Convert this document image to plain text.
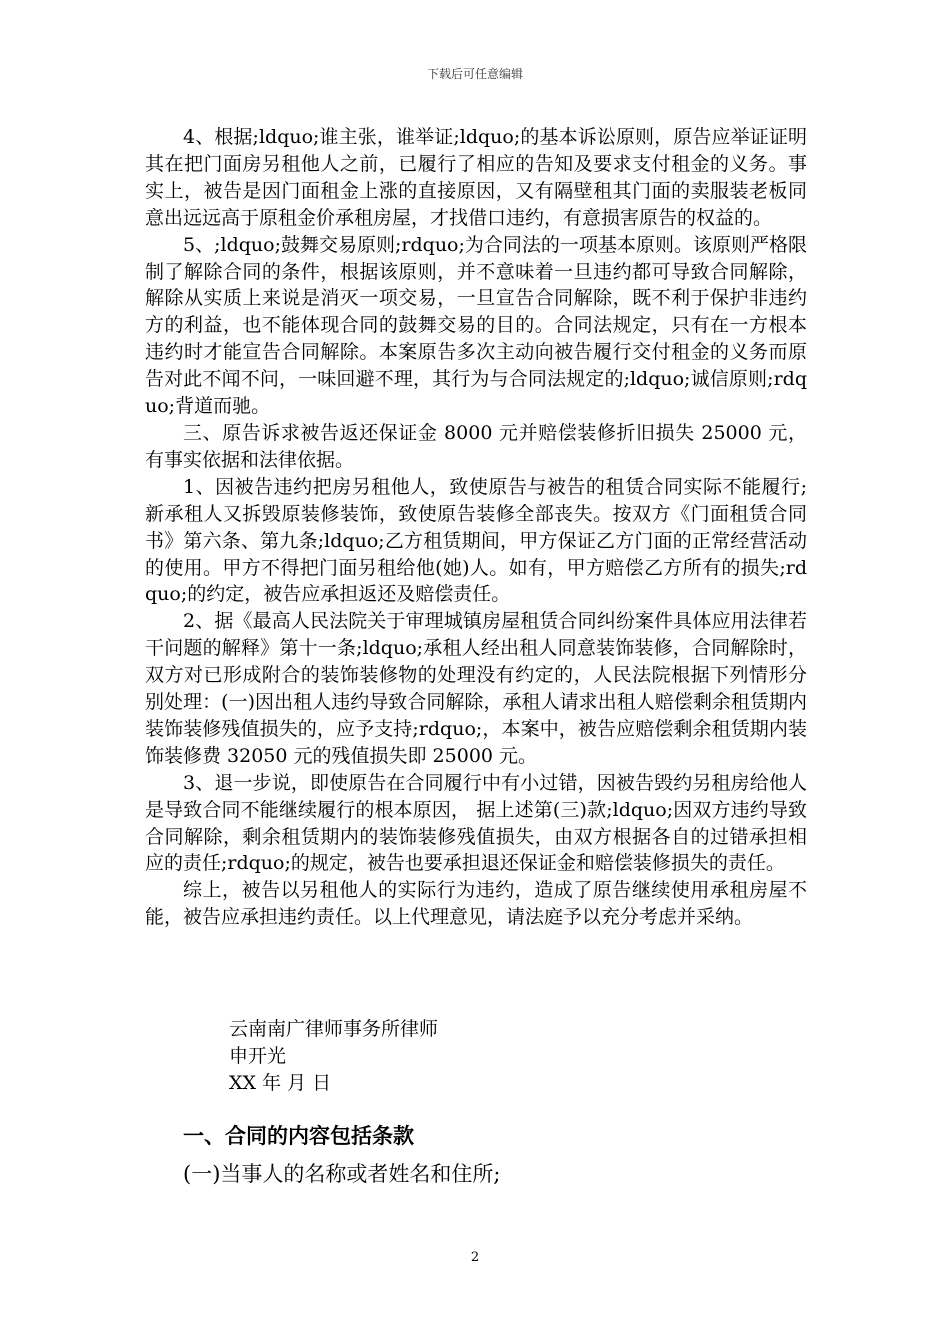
下载后可任意编辑

4、根据;ldquo;谁主张，谁举证;ldquo;的基本诉讼原则，原告应举证证明其在把门面房另租他人之前，已履行了相应的告知及要求支付租金的义务。事实上，被告是因门面租金上涨的直接原因，又有隔壁租其门面的卖服装老板同意出远远高于原租金价承租房屋，才找借口违约，有意损害原告的权益的。

5、;ldquo;鼓舞交易原则;rdquo;为合同法的一项基本原则。该原则严格限制了解除合同的条件，根据该原则，并不意味着一旦违约都可导致合同解除，解除从实质上来说是消灭一项交易，一旦宣告合同解除，既不利于保护非违约方的利益，也不能体现合同的鼓舞交易的目的。合同法规定，只有在一方根本违约时才能宣告合同解除。本案原告多次主动向被告履行交付租金的义务而原告对此不闻不问，一味回避不理，其行为与合同法规定的;ldquo;诚信原则;rdquo;背道而驰。

三、原告诉求被告返还保证金 8000 元并赔偿装修折旧损失 25000 元，有事实依据和法律依据。

1、因被告违约把房另租他人，致使原告与被告的租赁合同实际不能履行;新承租人又拆毁原装修装饰，致使原告装修全部丧失。按双方《门面租赁合同书》第六条、第九条;ldquo;乙方租赁期间，甲方保证乙方门面的正常经营活动的使用。甲方不得把门面另租给他(她)人。如有，甲方赔偿乙方所有的损失;rdquo;的约定，被告应承担返还及赔偿责任。

2、据《最高人民法院关于审理城镇房屋租赁合同纠纷案件具体应用法律若干问题的解释》第十一条;ldquo;承租人经出租人同意装饰装修，合同解除时，双方对已形成附合的装饰装修物的处理没有约定的，人民法院根据下列情形分别处理：(一)因出租人违约导致合同解除，承租人请求出租人赔偿剩余租赁期内装饰装修残值损失的，应予支持;rdquo;，本案中，被告应赔偿剩余租赁期内装饰装修费 32050 元的残值损失即 25000 元。

3、退一步说，即使原告在合同履行中有小过错，因被告毁约另租房给他人是导致合同不能继续履行的根本原因， 据上述第(三)款;ldquo;因双方违约导致合同解除，剩余租赁期内的装饰装修残值损失，由双方根据各自的过错承担相应的责任;rdquo;的规定，被告也要承担退还保证金和赔偿装修损失的责任。

综上，被告以另租他人的实际行为违约，造成了原告继续使用承租房屋不能，被告应承担违约责任。以上代理意见，请法庭予以充分考虑并采纳。

云南南广律师事务所律师
申开光
XX 年 月 日
一、合同的内容包括条款
(一)当事人的名称或者姓名和住所;
2
